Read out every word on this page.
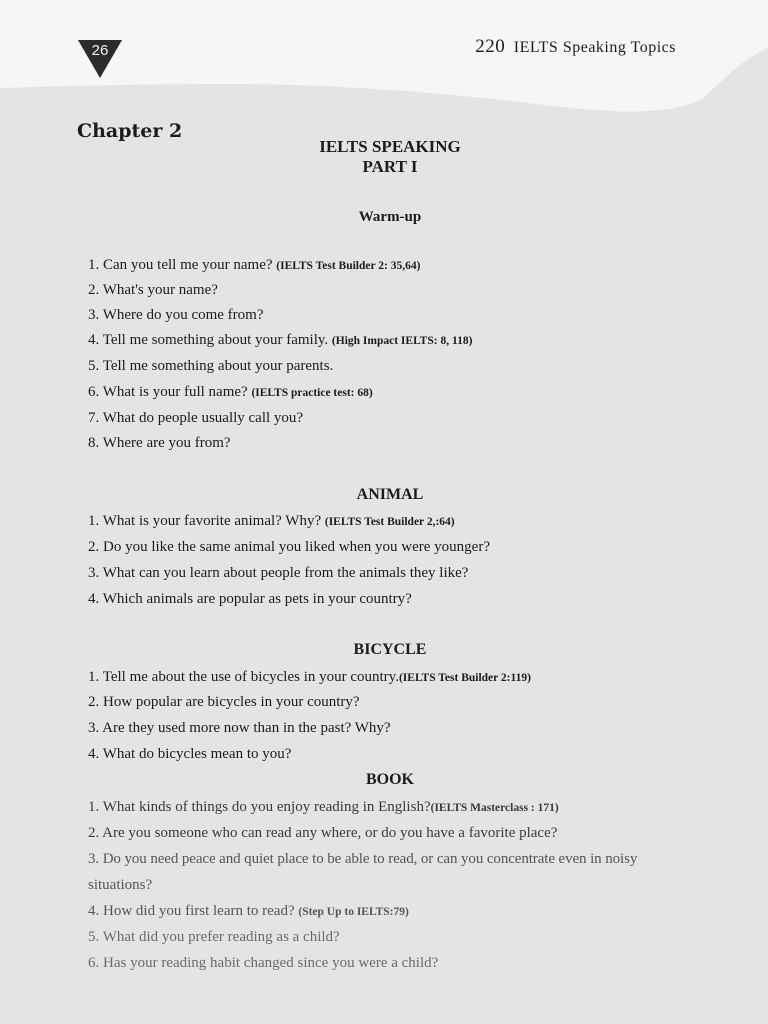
26	220 IELTS Speaking Topics
Chapter 2
IELTS SPEAKING
PART I
Warm-up
1. Can you tell me your name? (IELTS Test Builder 2: 35,64)
2. What's your name?
3. Where do you come from?
4. Tell me something about your family. (High Impact IELTS: 8, 118)
5. Tell me something about your parents.
6. What is your full name? (IELTS practice test: 68)
7. What do people usually call you?
8. Where are you from?
ANIMAL
1. What is your favorite animal? Why? (IELTS Test Builder 2,:64)
2. Do you like the same animal you liked when you were younger?
3. What can you learn about people from the animals they like?
4. Which animals are popular as pets in your country?
BICYCLE
1. Tell me about the use of bicycles in your country.(IELTS Test Builder 2:119)
2. How popular are bicycles in your country?
3. Are they used more now than in the past? Why?
4. What do bicycles mean to you?
BOOK
1. What kinds of things do you enjoy reading in English?(IELTS Masterclass : 171)
2. Are you someone who can read any where, or do you have a favorite place?
3. Do you need peace and quiet place to be able to read, or can you concentrate even in noisy
situations?
4. How did you first learn to read? (Step Up to IELTS:79)
5. What did you prefer reading as a child?
6. Has your reading habit changed since you were a child?
